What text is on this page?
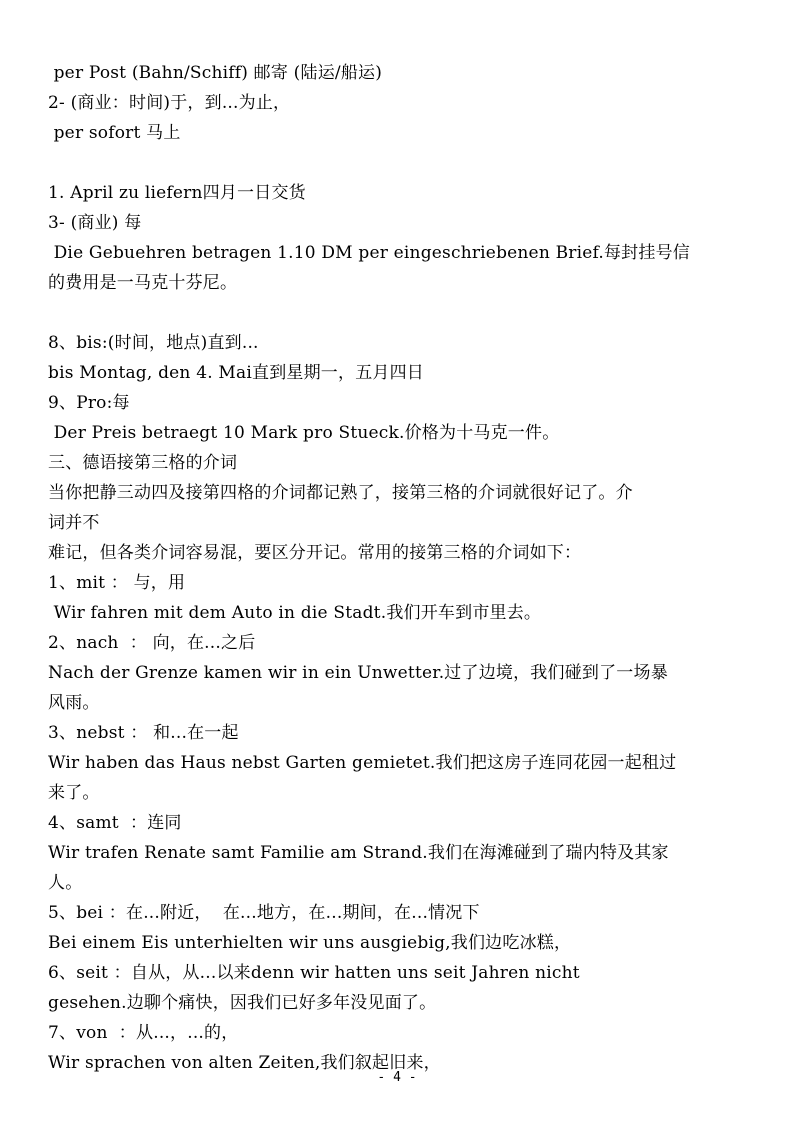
per Post (Bahn/Schiff) 邮寄 (陆运/船运)
2- (商业：时间)于，到...为止，
per sofort 马上
1. April zu liefern四月一日交货
3- (商业) 每
Die Gebuehren betragen 1.10 DM per eingeschriebenen Brief.每封挂号信
的费用是一马克十芬尼。
8、bis:(时间，地点)直到...
bis Montag, den 4. Mai直到星期一，五月四日
9、Pro:每
Der Preis betraegt 10 Mark pro Stueck.价格为十马克一件。
三、德语接第三格的介词
当你把静三动四及接第四格的介词都记熟了，接第三格的介词就很好记了。介
词并不
难记，但各类介词容易混，要区分开记。常用的接第三格的介词如下：
1、mit ： 与，用
Wir fahren mit dem Auto in die Stadt.我们开车到市里去。
2、nach  ： 向，在...之后
Nach der Grenze kamen wir in ein Unwetter.过了边境，我们碰到了一场暴
风雨。
3、nebst ： 和...在一起
Wir haben das Haus nebst Garten gemietet.我们把这房子连同花园一起租过
来了。
4、samt  ：连同
Wir trafen Renate samt Familie am Strand.我们在海滩碰到了瑞内特及其家
人。
5、bei ：在...附近，  在...地方，在...期间，在...情况下
Bei einem Eis unterhielten wir uns ausgiebig,我们边吃冰糕，
6、seit ：自从，从...以来denn wir hatten uns seit Jahren nicht
gesehen.边聊个痛快，因我们已好多年没见面了。
7、von  ：从...，...的，
Wir sprachen von alten Zeiten,我们叙起旧来，
- 4 -
